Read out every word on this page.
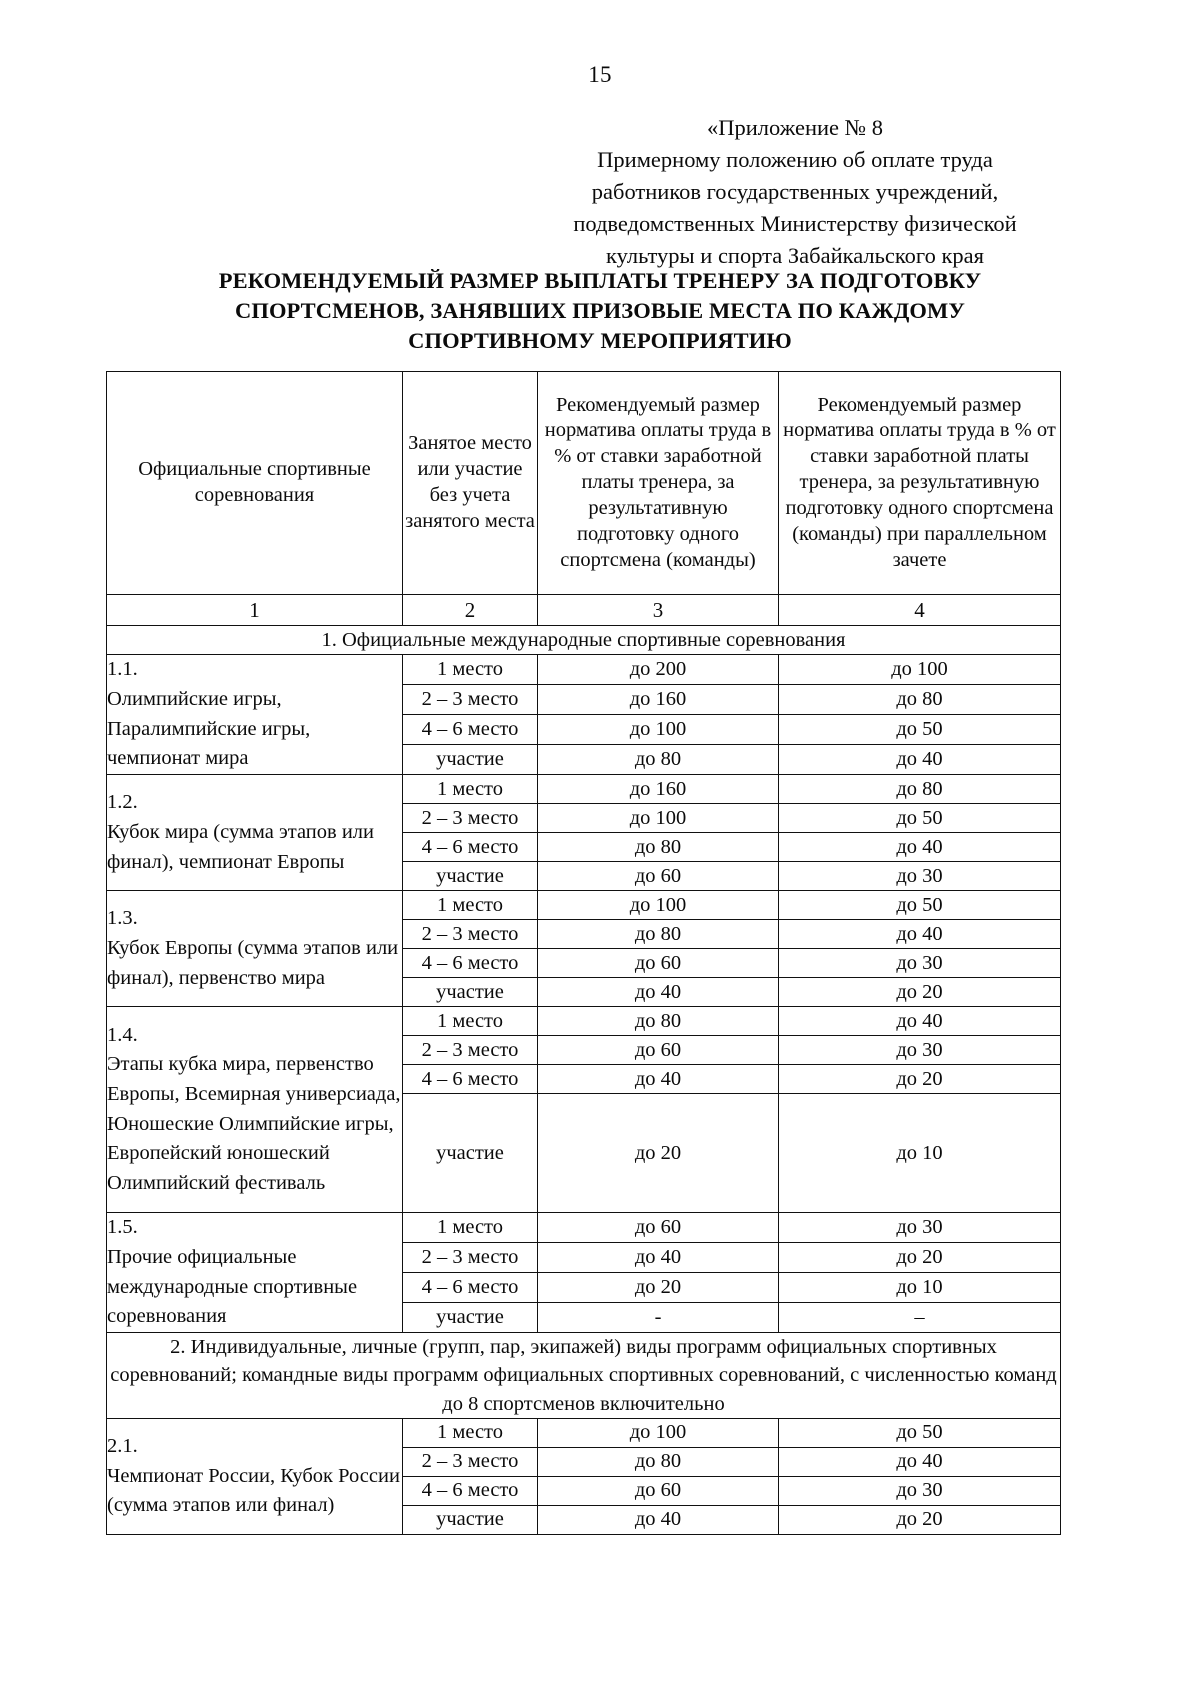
15
«Приложение № 8
Примерному положению об оплате труда
работников государственных учреждений,
подведомственных Министерству физической
культуры и спорта Забайкальского края
РЕКОМЕНДУЕМЫЙ РАЗМЕР ВЫПЛАТЫ ТРЕНЕРУ ЗА ПОДГОТОВКУ
СПОРТСМЕНОВ, ЗАНЯВШИХ ПРИЗОВЫЕ МЕСТА ПО КАЖДОМУ
СПОРТИВНОМУ МЕРОПРИЯТИЮ
Официальные спортивные соревнования	Занятое место или участие без учета занятого места	Рекомендуемый размер норматива оплаты труда в % от ставки заработной платы тренера, за результативную подготовку одного спортсмена (команды)	Рекомендуемый размер норматива оплаты труда в % от ставки заработной платы тренера, за результативную подготовку одного спортсмена (команды) при параллельном зачете
1	2	3	4
1. Официальные международные спортивные соревнования			
1.1.Олимпийские игры, Паралимпийские игры, чемпионат мира	1 место	до 200	до 100
	2 – 3 место	до 160	до 80
	4 – 6 место	до 100	до 50
	участие	до 80	до 40
1.2.Кубок мира (сумма этапов или финал), чемпионат Европы	1 место	до 160	до 80
	2 – 3 место	до 100	до 50
	4 – 6 место	до 80	до 40
	участие	до 60	до 30
1.3.Кубок Европы (сумма этапов или финал), первенство мира	1 место	до 100	до 50
	2 – 3 место	до 80	до 40
	4 – 6 место	до 60	до 30
	участие	до 40	до 20
1.4.Этапы кубка мира, первенство Европы, Всемирная универсиада, Юношеские Олимпийские игры, Европейский юношеский Олимпийский фестиваль	1 место	до 80	до 40
	2 – 3 место	до 60	до 30
	4 – 6 место	до 40	до 20
	участие	до 20	до 10
1.5.Прочие официальные международные спортивные соревнования	1 место	до 60	до 30
	2 – 3 место	до 40	до 20
	4 – 6 место	до 20	до 10
	участие	-	–
2. Индивидуальные, личные (групп, пар, экипажей) виды программ официальных спортивных соревнований; командные виды программ официальных спортивных соревнований, с численностью команд до 8 спортсменов включительно			
2.1.Чемпионат России, Кубок России (сумма этапов или финал)	1 место	до 100	до 50
	2 – 3 место	до 80	до 40
	4 – 6 место	до 60	до 30
	участие	до 40	до 20
